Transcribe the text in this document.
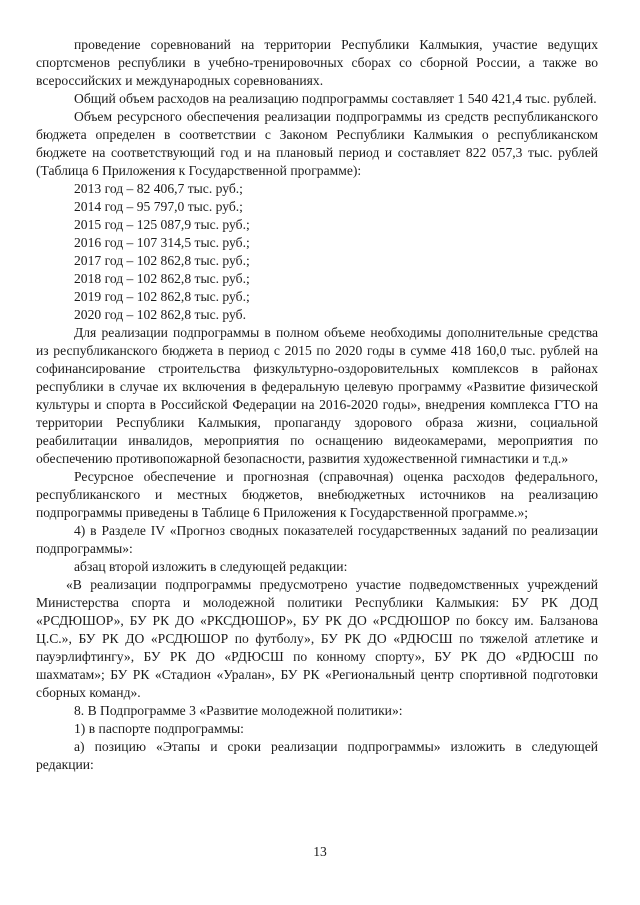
проведение соревнований на территории Республики Калмыкия, участие ведущих спортсменов республики в учебно-тренировочных сборах со сборной России, а также во всероссийских и международных соревнованиях.

Общий объем расходов на реализацию подпрограммы составляет 1 540 421,4 тыс. рублей.

Объем ресурсного обеспечения реализации подпрограммы из средств республиканского бюджета определен в соответствии с Законом Республики Калмыкия о республиканском бюджете на соответствующий год и на плановый период и составляет 822 057,3 тыс. рублей (Таблица 6 Приложения к Государственной программе):

2013 год – 82 406,7 тыс. руб.;
2014 год – 95 797,0 тыс. руб.;
2015 год – 125 087,9 тыс. руб.;
2016 год – 107 314,5 тыс. руб.;
2017 год – 102 862,8 тыс. руб.;
2018 год – 102 862,8 тыс. руб.;
2019 год – 102 862,8 тыс. руб.;
2020 год – 102 862,8 тыс. руб.

Для реализации подпрограммы в полном объеме необходимы дополнительные средства из республиканского бюджета в период с 2015 по 2020 годы в сумме 418 160,0 тыс. рублей на софинансирование строительства физкультурно-оздоровительных комплексов в районах республики в случае их включения в федеральную целевую программу «Развитие физической культуры и спорта в Российской Федерации на 2016-2020 годы», внедрения комплекса ГТО на территории Республики Калмыкия, пропаганду здорового образа жизни, социальной реабилитации инвалидов, мероприятия по оснащению видеокамерами, мероприятия по обеспечению противопожарной безопасности, развития художественной гимнастики и т.д.»

Ресурсное обеспечение и прогнозная (справочная) оценка расходов федерального, республиканского и местных бюджетов, внебюджетных источников на реализацию подпрограммы приведены в Таблице 6 Приложения к Государственной программе.»;

4) в Разделе IV «Прогноз сводных показателей государственных заданий по реализации подпрограммы»:

абзац второй изложить в следующей редакции:

«В реализации подпрограммы предусмотрено участие подведомственных учреждений Министерства спорта и молодежной политики Республики Калмыкия: БУ РК ДОД «РСДЮШОР», БУ РК ДО «РКСДЮШОР», БУ РК ДО «РСДЮШОР по боксу им. Балзанова Ц.С.», БУ РК ДО «РСДЮШОР по футболу», БУ РК ДО «РДЮСШ по тяжелой атлетике и пауэрлифтингу», БУ РК ДО «РДЮСШ по конному спорту», БУ РК ДО «РДЮСШ по шахматам»; БУ РК «Стадион «Уралан», БУ РК «Региональный центр спортивной подготовки сборных команд».

8. В Подпрограмме 3 «Развитие молодежной политики»:

1) в паспорте подпрограммы:

а) позицию «Этапы и сроки реализации подпрограммы» изложить в следующей редакции:

13
